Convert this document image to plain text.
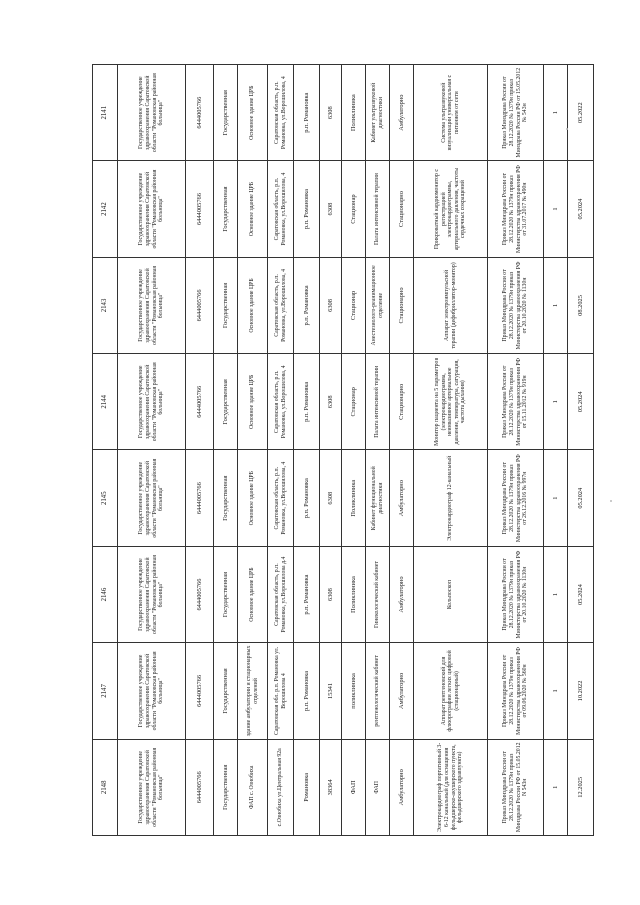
2148	2147	2146	2145	2144	2143	2142	2141
Государственное учреждение здравоохранения Саратовской области "Романовская районная больница"	Государственное учреждение здравоохранения Саратовской области "Романовская районная больница"	Государственное учреждение здравоохранения Саратовской области "Романовская районная больница"	Государственное учреждение здравоохранения Саратовской области "Романовская районная больница"	Государственное учреждение здравоохранения Саратовской области "Романовская районная больница"	Государственное учреждение здравоохранения Саратовской области "Романовская районная больница"	Государственное учреждение здравоохранения Саратовской области "Романовская районная больница"	Государственное учреждение здравоохранения Саратовской области "Романовская районная больница"
6444005766	6444005766	6444005766	6444005766	6444005766	6444005766	6444005766	6444005766
Государственная	Государственная	Государственная	Государственная	Государственная	Государственная	Государственная	Государственная
ФАП с. Ознобиха	здание амбулатории и стационарных отделений	Основное здание ЦРБ	Основное здание ЦРБ	Основное здание ЦРБ	Основное здание ЦРБ	Основное здание ЦРБ	Основное здание ЦРБ
с.Ознобиха ул.Центральная 92а	Саратовская обл. р.п. Романовка ул. Ворошилова 4	Саратовская область, р.п. Романовка, ул.Ворошилова д.4	Саратовская область, р.п. Романовка, ул.Ворошилова, 4	Саратовская область, р.п. Романовка, ул.Ворошилова, 4	Саратовская область, р.п. Романовка, ул.Ворошилова, 4	Саратовская область, р.п. Романовка, ул.Ворошилова, 4	Саратовская область, р.п. Романовка, ул.Ворошилова, 4
Романовка	р.п. Романовка	р.п. Романовка	р.п. Романовка	р.п. Романовка	р.п. Романовка	р.п. Романовка	р.п. Романовка
38364	15341	6308	6308	6308	6308	6308	6308
ФАП	поликлиника	Поликлиника	Поликлиника	Стационар	Стационар	Стационар	Поликлиника
ФАП	рентгенологический кабинет	Гинекологический кабинет	Кабинет функциональной диагностики	Палата интенсивной терапии	Анестезиолого-реанимационное отделение	Палата интенсивной терапии	Кабинет ультразвуковой диагностики
Амбулаторно	Амбулаторно	Амбулаторно	Амбулаторно	Стационарно	Стационарно	Стационарно	Амбулаторно
Электрокардиограф портативный 3-6-12 канальный (для оснащения фельдшерско-акушерского пункта, фельдшерского здравпункта)	Аппарат рентгеновский для флюорографии легких цифровой (стационарный)	Кольпоскоп	Электрокардиограф 12-канальный	Монитор пациента на 5 параметров (электрокардиограмма, неинвазивное артериальное давление, температура, сатурация, частота дыхания)	Аппарат электроимпульсной терапии (дефибриллятор-монитор)	Прикроватный кардиомонитор с регистрацией электрокардиограммы, артериального давления, частоты сердечных сокращений	Система ультразвуковой визуализации универсальная с питанием от сети
Приказ Минздрава России от 28.12.2020 № 1379н приказ Минздрава России РФ от 15.05.2012 N 543н	Приказ Минздрава России от 28.12.2020 № 1379н приказ Министерства здравоохранения РФ от 09.06.2020 № 560н	Приказ Минздрава России от 28.12.2020 № 1379н приказ Министерства здравоохранения РФ от 20.10.2020 № 1130н	Приказ Минздрава России от 28.12.2020 № 1379н приказ Министерства здравоохранения РФ от 26.12.2016 № 997н	Приказ Минздрава России от 28.12.2020 № 1379н приказ Министерства здравоохранения РФ от 15.11.2012 № 919н	Приказ Минздрава России от 28.12.2020 № 1379н приказ Министерства здравоохранения РФ от 20.10.2020 № 1130н	Приказ Минздрава России от 28.12.2020 № 1379н приказ Министерства здравоохранения РФ от 31.07.2017 № 490н	Приказ Минздрава России от 28.12.2020 № 1379н приказ Минздрава России РФ от 15.05.2012 № 543н
1	1	1	1	1	1	1	1
12.2025	10.2022	05.2024	05.2024	05.2024	08.2025	05.2024	05.2022
